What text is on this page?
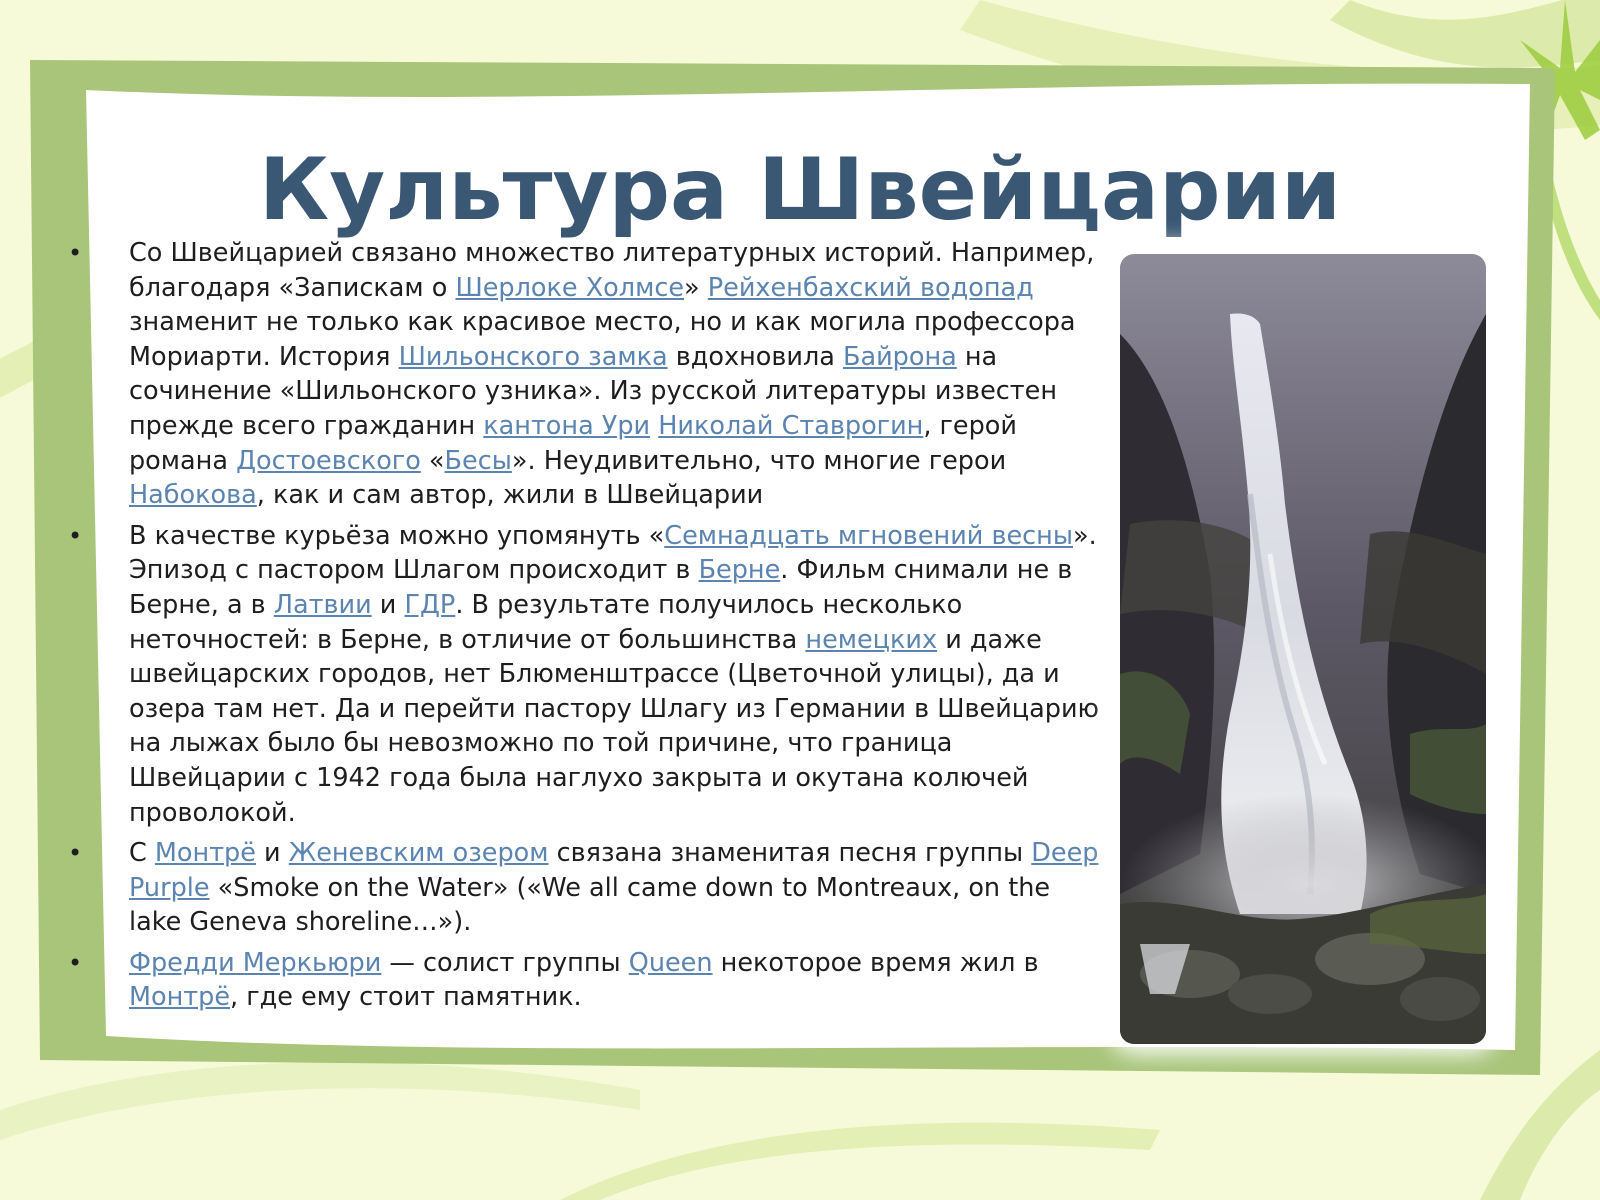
Культура Швейцарии
• Со Швейцарией связано множество литературных историй. Например, благодаря «Запискам о Шерлоке Холмсе» Рейхенбахский водопад знаменит не только как красивое место, но и как могила профессора Мориарти. История Шильонского замка вдохновила Байрона на сочинение «Шильонского узника». Из русской литературы известен прежде всего гражданин кантона Ури Николай Ставрогин, герой романа Достоевского «Бесы». Неудивительно, что многие герои Набокова, как и сам автор, жили в Швейцарии
• В качестве курьёза можно упомянуть «Семнадцать мгновений весны». Эпизод с пастором Шлагом происходит в Берне. Фильм снимали не в Берне, а в Латвии и ГДР. В результате получилось несколько неточностей: в Берне, в отличие от большинства немецких и даже швейцарских городов, нет Блюменштрассе (Цветочной улицы), да и озера там нет. Да и перейти пастору Шлагу из Германии в Швейцарию на лыжах было бы невозможно по той причине, что граница Швейцарии с 1942 года была наглухо закрыта и окутана колючей проволокой.
• С Монтрё и Женевским озером связана знаменитая песня группы Deep Purple «Smoke on the Water» («We all came down to Montreaux, on the lake Geneva shoreline…»).
• Фредди Меркьюри — солист группы Queen некоторое время жил в Монтрё, где ему стоит памятник.
